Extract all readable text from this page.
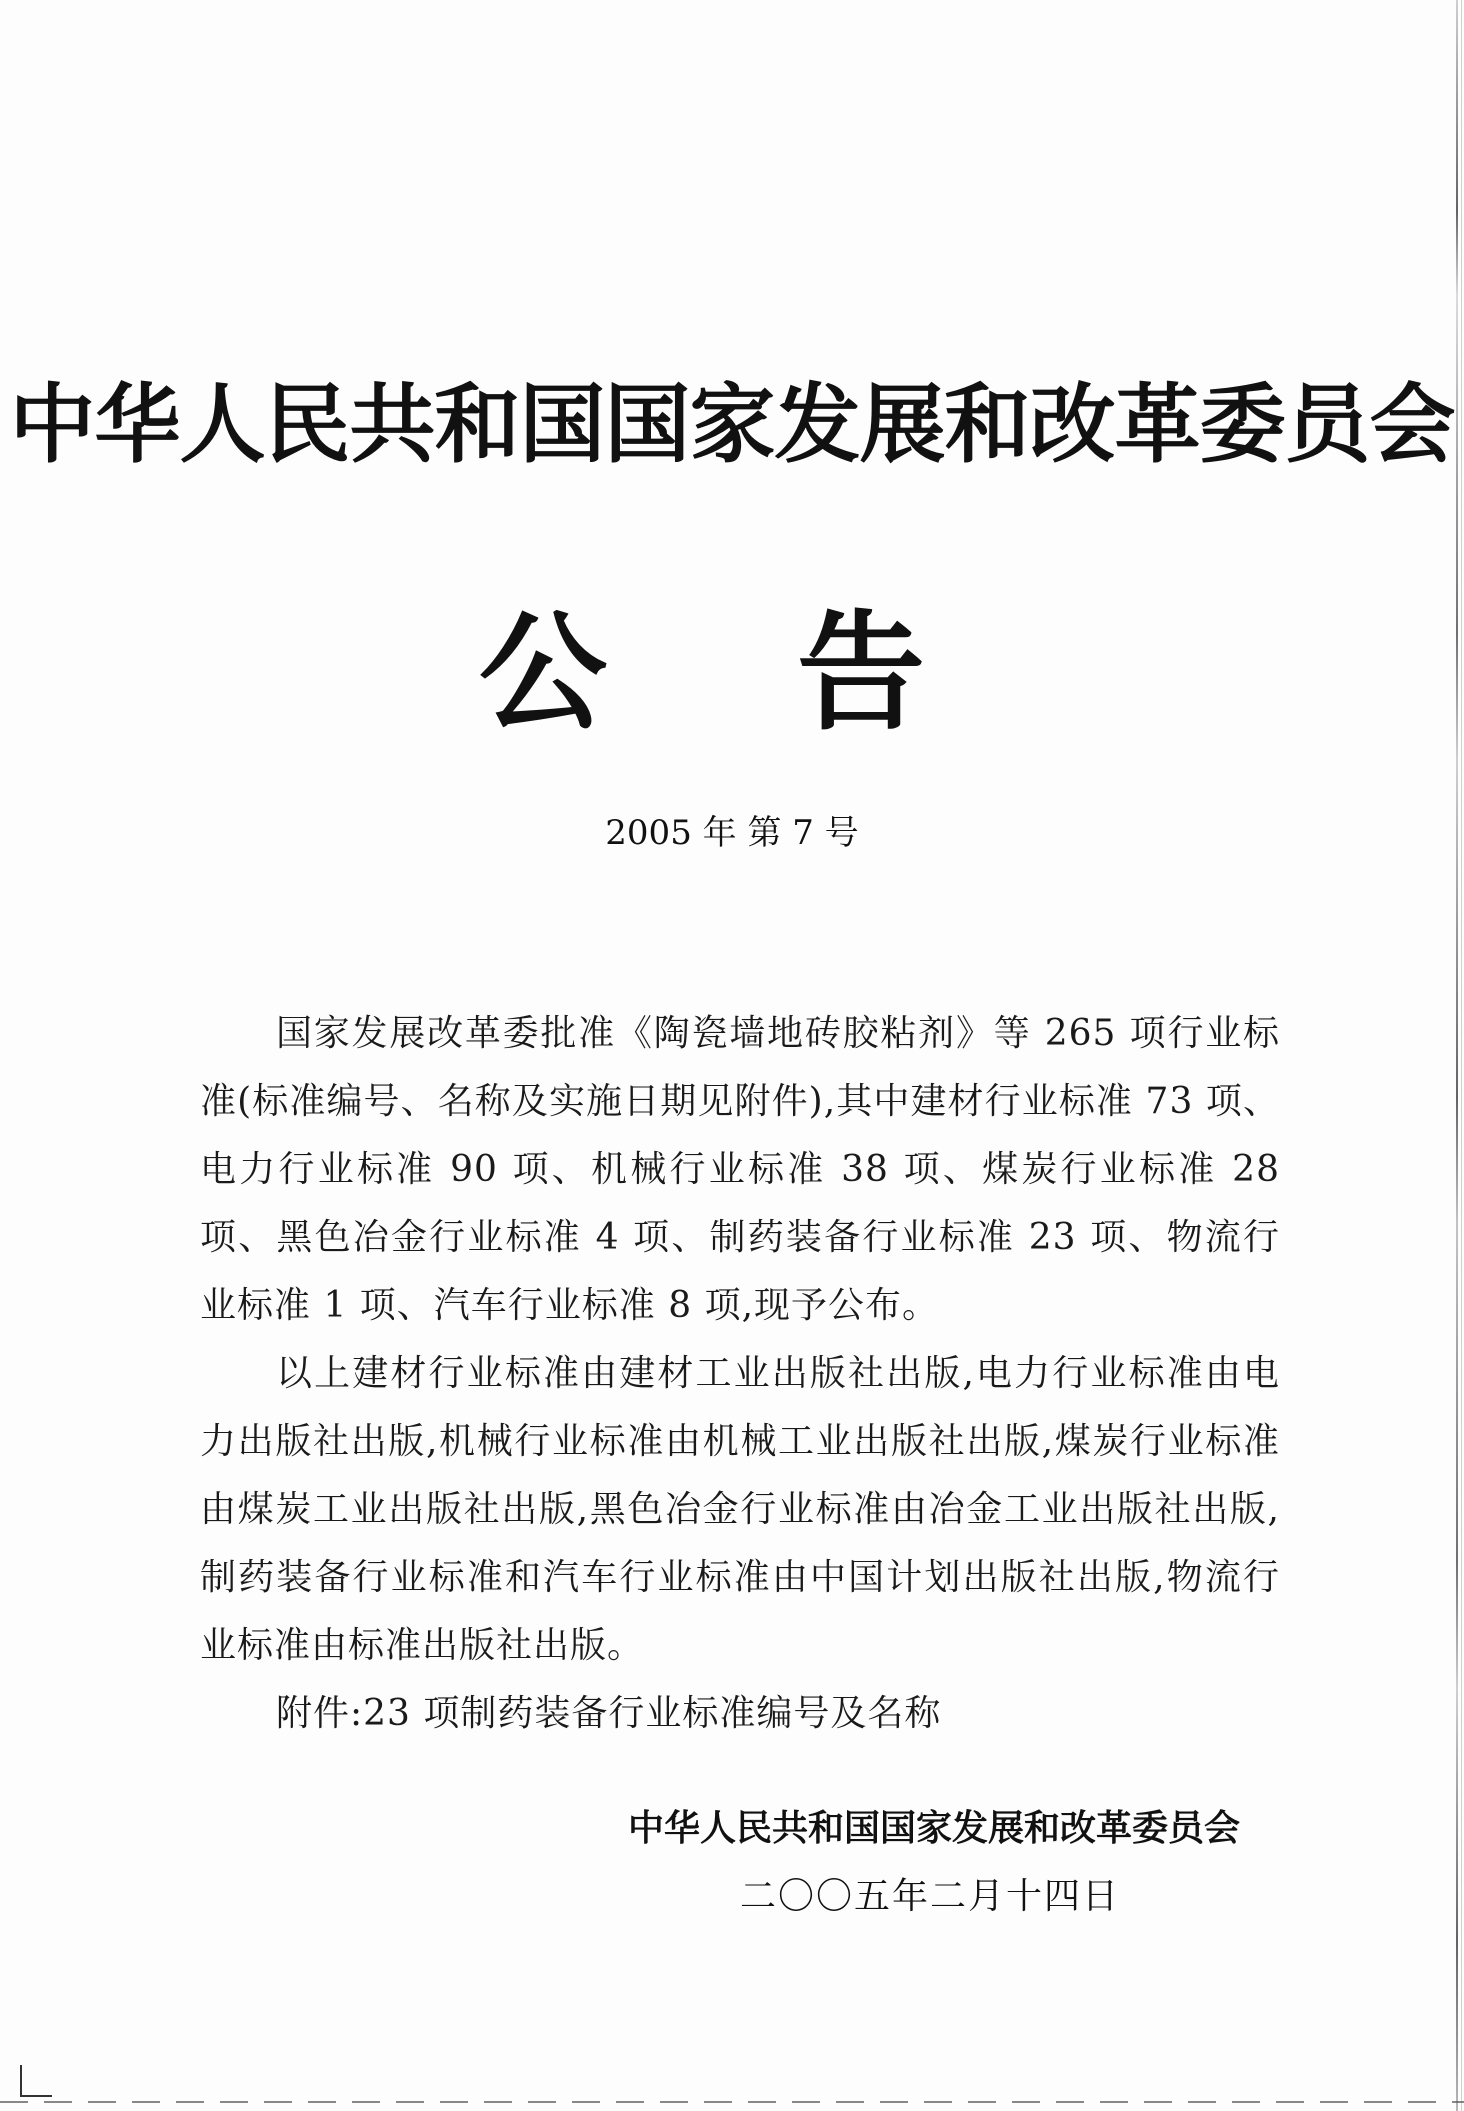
中华人民共和国国家发展和改革委员会
公告
2005 年 第 7 号

国家发展改革委批准《陶瓷墙地砖胶粘剂》等 265 项行业标准(标准编号、名称及实施日期见附件),其中建材行业标准 73 项、电力行业标准 90 项、机械行业标准 38 项、煤炭行业标准 28 项、黑色冶金行业标准 4 项、制药装备行业标准 23 项、物流行业标准 1 项、汽车行业标准 8 项,现予公布。

以上建材行业标准由建材工业出版社出版,电力行业标准由电力出版社出版,机械行业标准由机械工业出版社出版,煤炭行业标准由煤炭工业出版社出版,黑色冶金行业标准由冶金工业出版社出版,制药装备行业标准和汽车行业标准由中国计划出版社出版,物流行业标准由标准出版社出版。

附件:23 项制药装备行业标准编号及名称

中华人民共和国国家发展和改革委员会
二〇〇五年二月十四日
